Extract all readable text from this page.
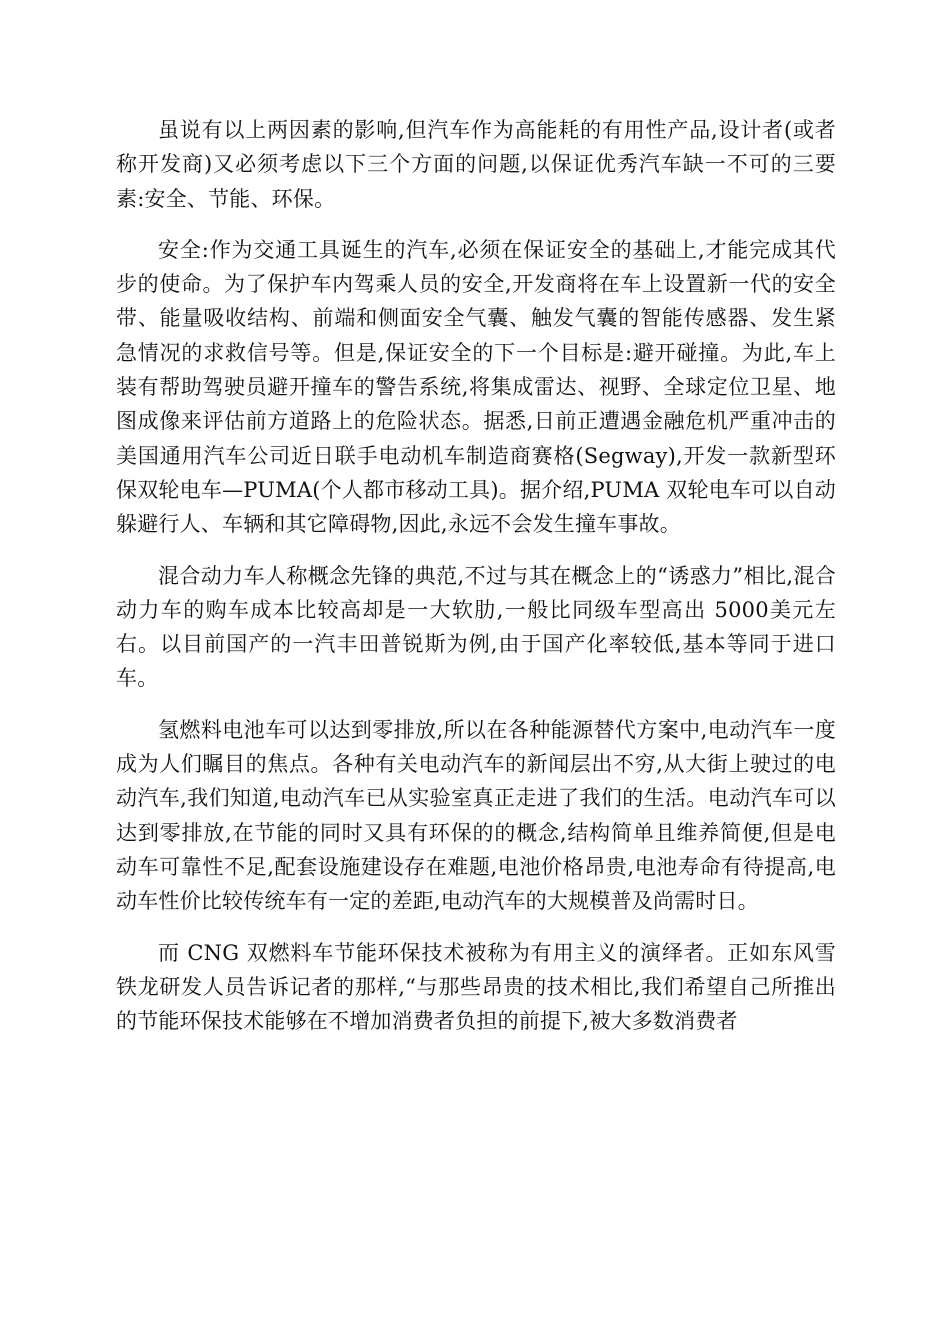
虽说有以上两因素的影响,但汽车作为高能耗的有用性产品,设计者(或者称开发商)又必须考虑以下三个方面的问题,以保证优秀汽车缺一不可的三要素:安全、节能、环保。

安全:作为交通工具诞生的汽车,必须在保证安全的基础上,才能完成其代步的使命。为了保护车内驾乘人员的安全,开发商将在车上设置新一代的安全带、能量吸收结构、前端和侧面安全气囊、触发气囊的智能传感器、发生紧急情况的求救信号等。但是,保证安全的下一个目标是:避开碰撞。为此,车上装有帮助驾驶员避开撞车的警告系统,将集成雷达、视野、全球定位卫星、地图成像来评估前方道路上的危险状态。据悉,日前正遭遇金融危机严重冲击的美国通用汽车公司近日联手电动机车制造商赛格(Segway),开发一款新型环保双轮电车—PUMA(个人都市移动工具)。据介绍,PUMA 双轮电车可以自动躲避行人、车辆和其它障碍物,因此,永远不会发生撞车事故。

混合动力车人称概念先锋的典范,不过与其在概念上的“诱惑力”相比,混合动力车的购车成本比较高却是一大软肋,一般比同级车型高出 5000美元左右。以目前国产的一汽丰田普锐斯为例,由于国产化率较低,基本等同于进口车。

氢燃料电池车可以达到零排放,所以在各种能源替代方案中,电动汽车一度成为人们瞩目的焦点。各种有关电动汽车的新闻层出不穷,从大街上驶过的电动汽车,我们知道,电动汽车已从实验室真正走进了我们的生活。电动汽车可以达到零排放,在节能的同时又具有环保的的概念,结构简单且维养简便,但是电动车可靠性不足,配套设施建设存在难题,电池价格昂贵,电池寿命有待提高,电动车性价比较传统车有一定的差距,电动汽车的大规模普及尚需时日。

而 CNG 双燃料车节能环保技术被称为有用主义的演绎者。正如东风雪铁龙研发人员告诉记者的那样,“与那些昂贵的技术相比,我们希望自己所推出的节能环保技术能够在不增加消费者负担的前提下,被大多数消费者
